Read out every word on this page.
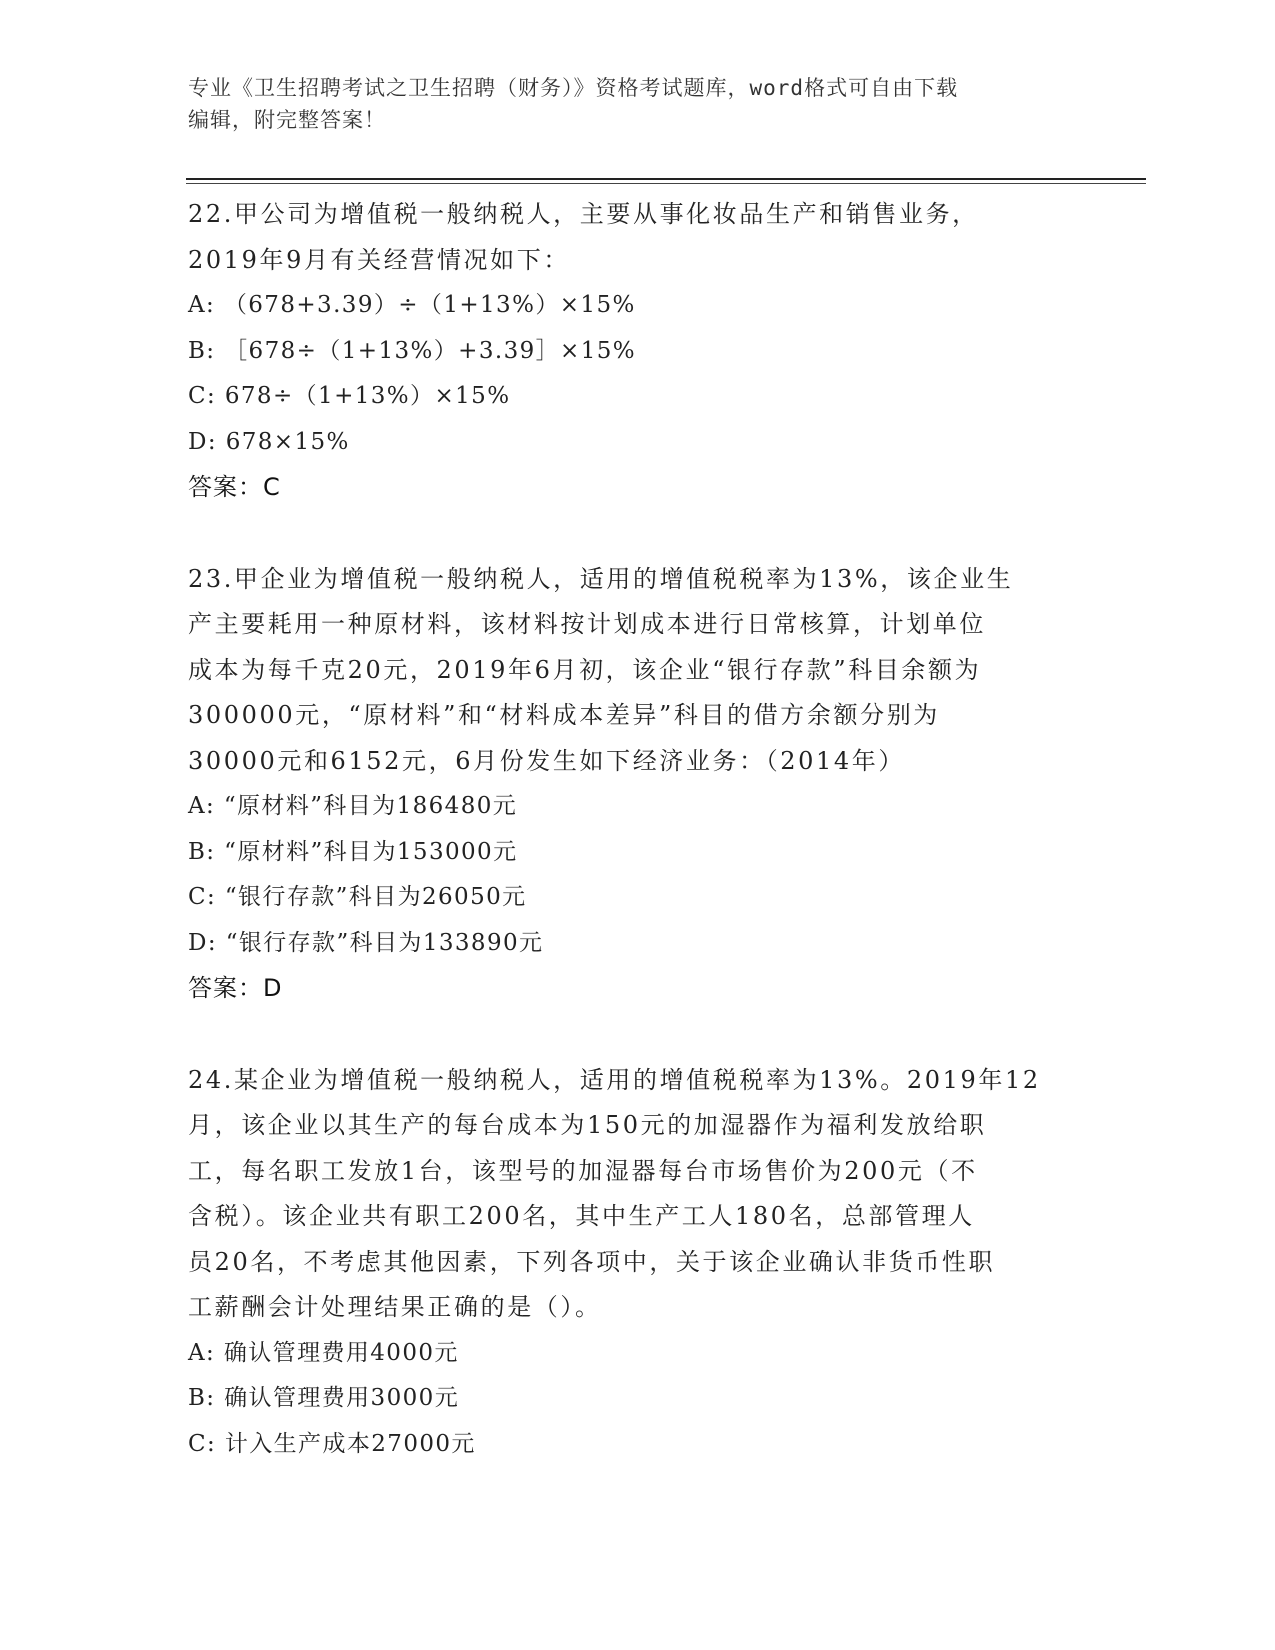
专业《卫生招聘考试之卫生招聘（财务）》资格考试题库，word格式可自由下载
编辑，附完整答案！
22.甲公司为增值税一般纳税人，主要从事化妆品生产和销售业务，
2019年9月有关经营情况如下：
A: （678+3.39）÷（1+13%）×15%
B: ［678÷（1+13%）+3.39］×15%
C: 678÷（1+13%）×15%
D: 678×15%
答案：C
23.甲企业为增值税一般纳税人，适用的增值税税率为13%，该企业生
产主要耗用一种原材料，该材料按计划成本进行日常核算，计划单位
成本为每千克20元，2019年6月初，该企业“银行存款”科目余额为
300000元，“原材料”和“材料成本差异”科目的借方余额分别为
30000元和6152元，6月份发生如下经济业务：（2014年）
A: “原材料”科目为186480元
B: “原材料”科目为153000元
C: “银行存款”科目为26050元
D: “银行存款”科目为133890元
答案：D
24.某企业为增值税一般纳税人，适用的增值税税率为13%。2019年12
月，该企业以其生产的每台成本为150元的加湿器作为福利发放给职
工，每名职工发放1台，该型号的加湿器每台市场售价为200元（不
含税）。该企业共有职工200名，其中生产工人180名，总部管理人
员20名，不考虑其他因素，下列各项中，关于该企业确认非货币性职
工薪酬会计处理结果正确的是（）。
A: 确认管理费用4000元
B: 确认管理费用3000元
C: 计入生产成本27000元
